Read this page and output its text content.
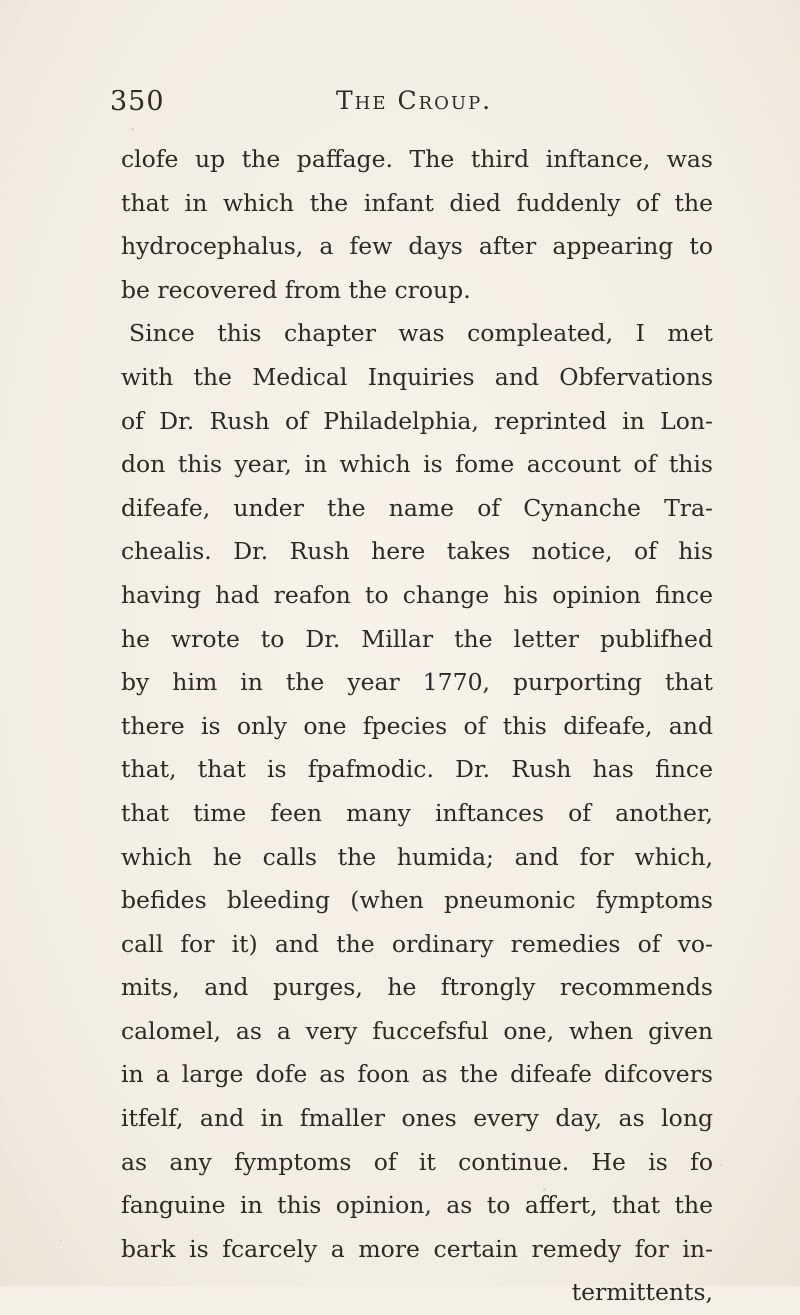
350	The Croup.
clofe up the paffage. The third inftance, was
that in which the infant died fuddenly of the
hydrocephalus, a few days after appearing to
be recovered from the croup.
Since this chapter was compleated, I met
with the Medical Inquiries and Obfervations
of Dr. Rush of Philadelphia, reprinted in Lon-
don this year, in which is fome account of this
difeafe, under the name of Cynanche Tra-
chealis. Dr. Rush here takes notice, of his
having had reafon to change his opinion fince
he wrote to Dr. Millar the letter publifhed
by him in the year 1770, purporting that
there is only one fpecies of this difeafe, and
that, that is fpafmodic. Dr. Rush has fince
that time feen many inftances of another,
which he calls the humida; and for which,
befides bleeding (when pneumonic fymptoms
call for it) and the ordinary remedies of vo-
mits, and purges, he ftrongly recommends
calomel, as a very fuccefsful one, when given
in a large dofe as foon as the difeafe difcovers
itfelf, and in fmaller ones every day, as long
as any fymptoms of it continue. He is fo
fanguine in this opinion, as to affert, that the
bark is fcarcely a more certain remedy for in-
termittents,
